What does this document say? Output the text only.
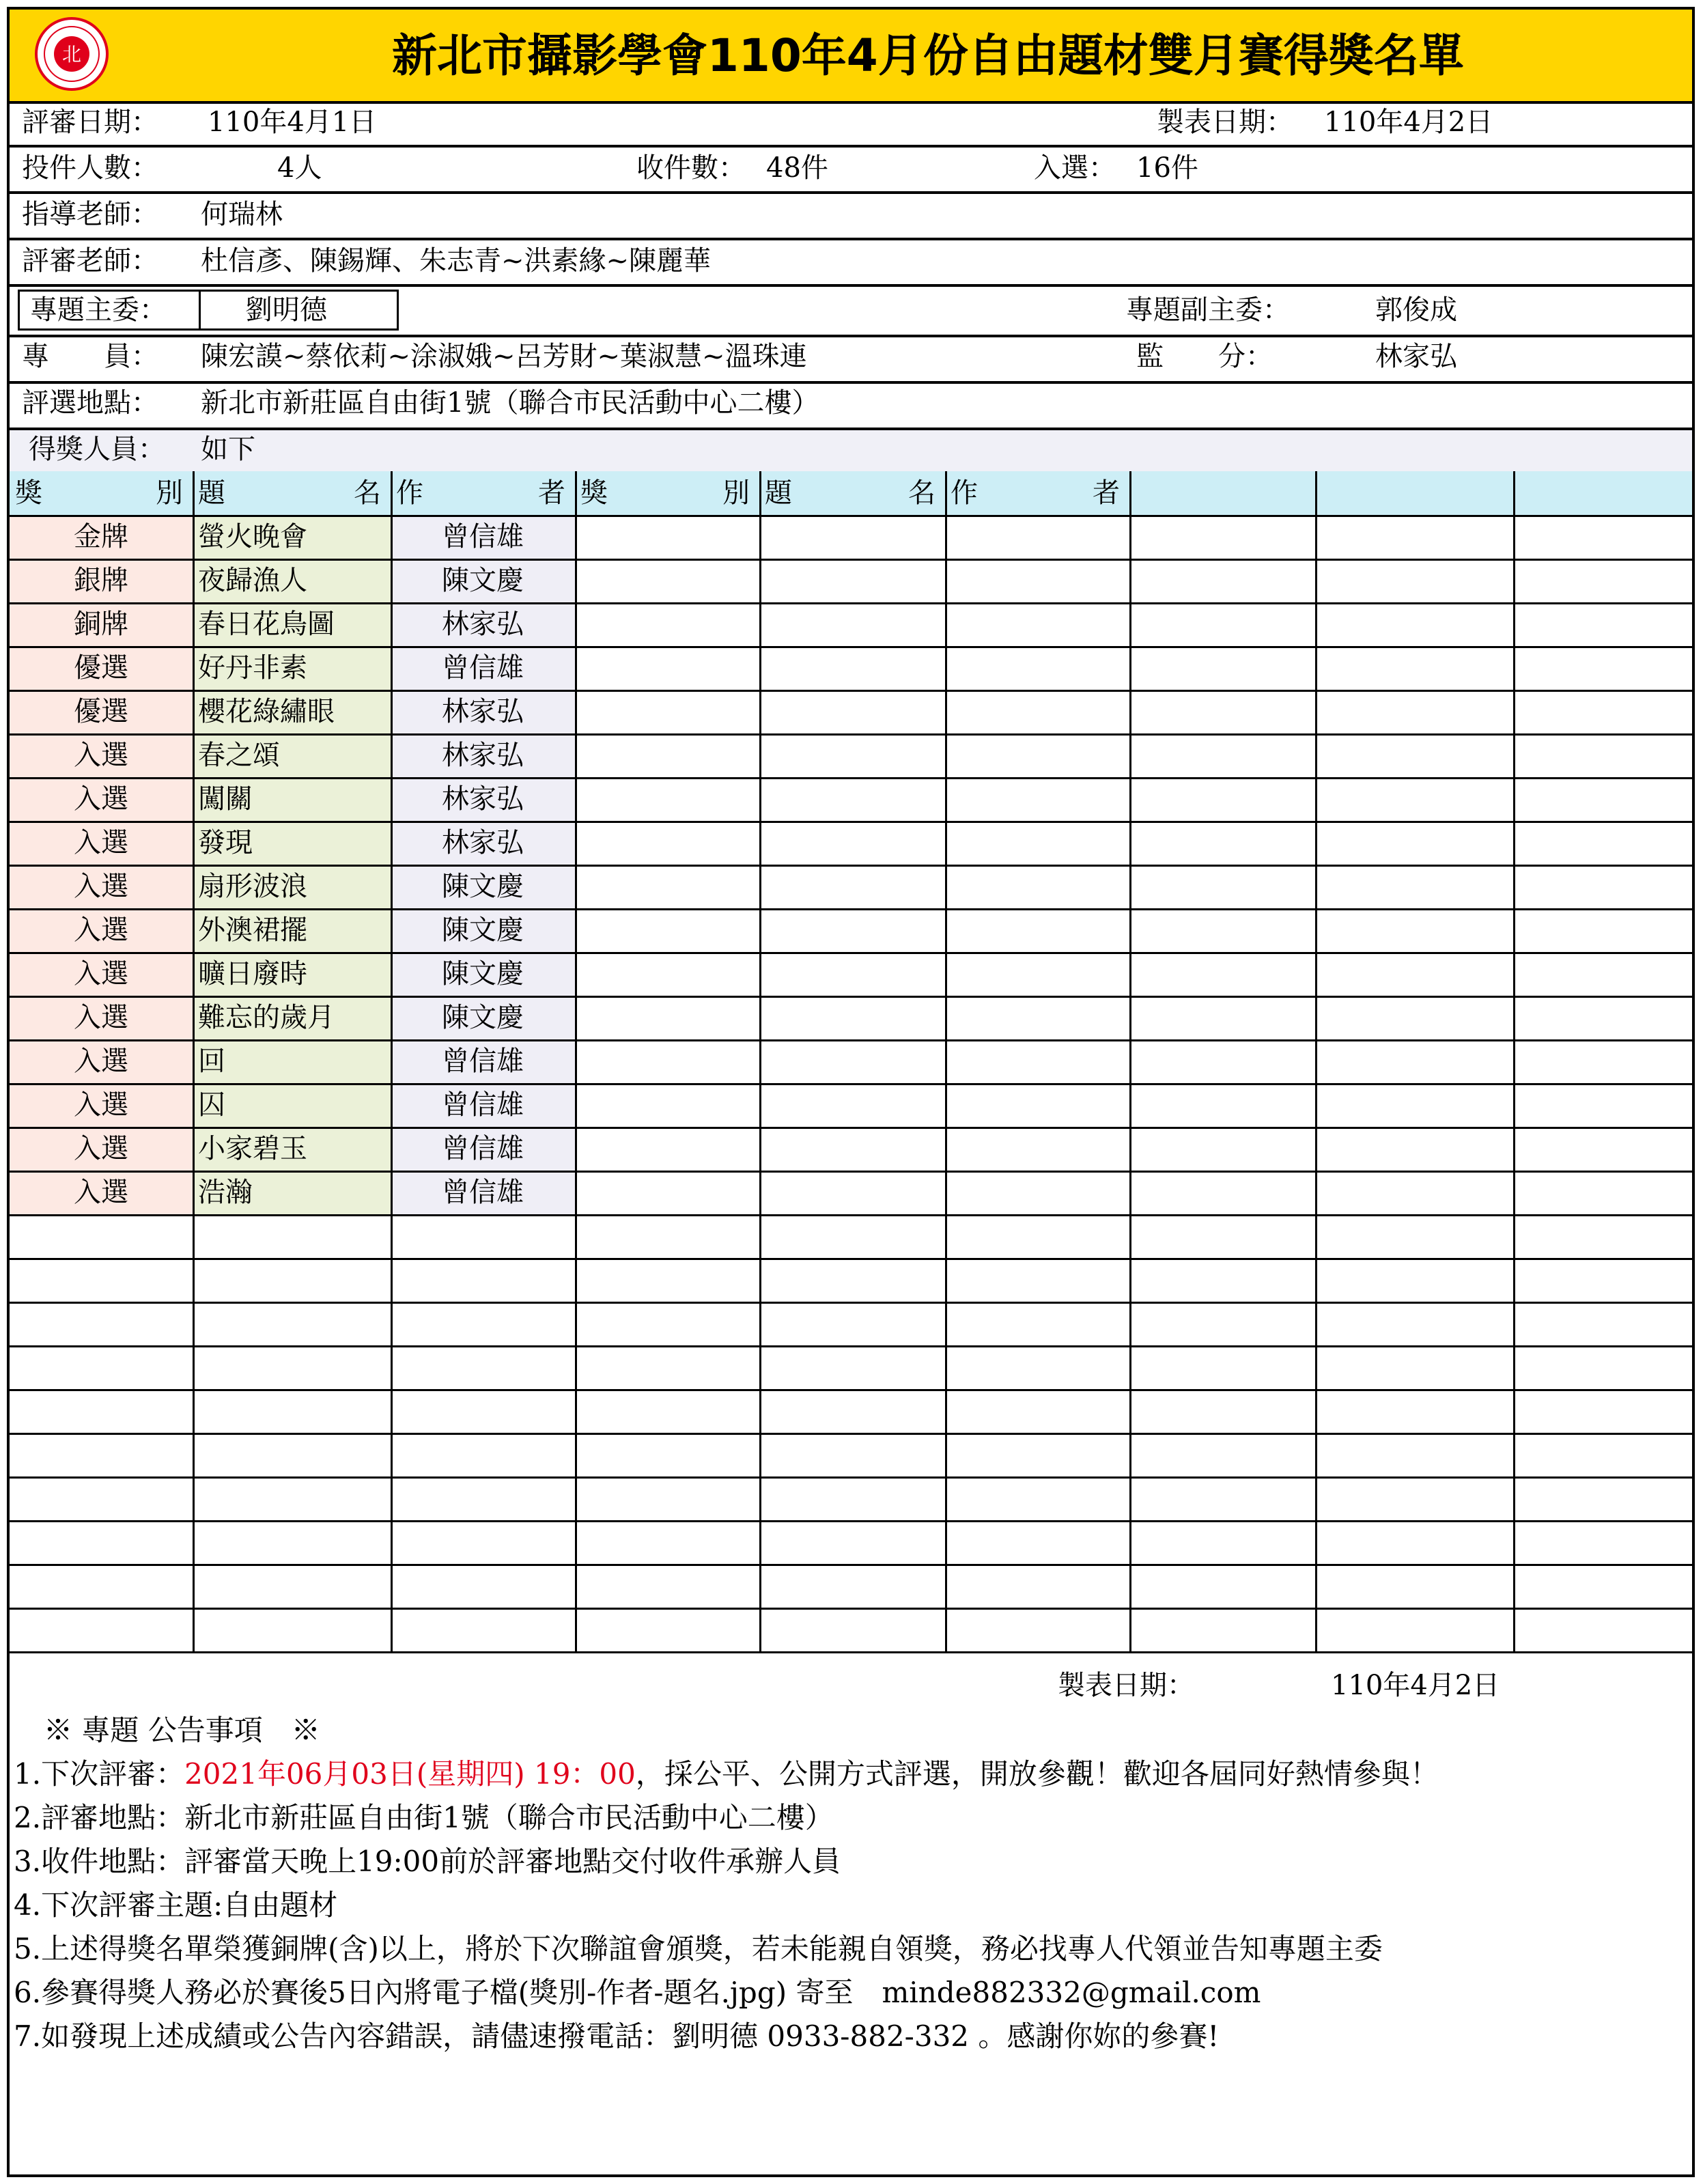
北	新北市攝影學會110年4月份自由題材雙月賽得獎名單
評審日期： 110年4月1日	製表日期： 110年4月2日
投件人數：	4人	收件數： 48件	入選： 16件
指導老師： 何瑞林
評審老師： 杜信彥、陳錫輝、朱志青~洪素緣~陳麗華
專題主委：	劉明德	專題副主委：	郭俊成
專　　員： 陳宏謨~蔡依莉~涂淑娥~呂芳財~葉淑慧~溫珠連	監　　分：	林家弘
評選地點： 新北市新莊區自由街1號（聯合市民活動中心二樓）
得獎人員： 如下
獎	別 題	名 作	者 獎	別 題	名 作	者
金牌	螢火晚會	曾信雄
銀牌	夜歸漁人	陳文慶
銅牌	春日花鳥圖	林家弘
優選	好丹非素	曾信雄
優選	櫻花綠繡眼	林家弘
入選	春之頌	林家弘
入選	闖關	林家弘
入選	發現	林家弘
入選	扇形波浪	陳文慶
入選	外澳裙擺	陳文慶
入選	曠日廢時	陳文慶
入選	難忘的歲月	陳文慶
入選	回	曾信雄
入選	囚	曾信雄
入選	小家碧玉	曾信雄
入選	浩瀚	曾信雄
製表日期：	110年4月2日
※ 專題 公告事項　※
1.下次評審：2021年06月03日(星期四) 19：00，採公平、公開方式評選，開放參觀！歡迎各屆同好熱情參與！
2.評審地點：新北市新莊區自由街1號（聯合市民活動中心二樓）
3.收件地點：評審當天晚上19:00前於評審地點交付收件承辦人員
4.下次評審主題:自由題材
5.上述得獎名單榮獲銅牌(含)以上，將於下次聯誼會頒獎，若未能親自領獎，務必找專人代領並告知專題主委
6.參賽得獎人務必於賽後5日內將電子檔(獎別-作者-題名.jpg) 寄至　minde882332@gmail.com
7.如發現上述成績或公告內容錯誤，請儘速撥電話：劉明德 0933-882-332 。感謝你妳的參賽!
